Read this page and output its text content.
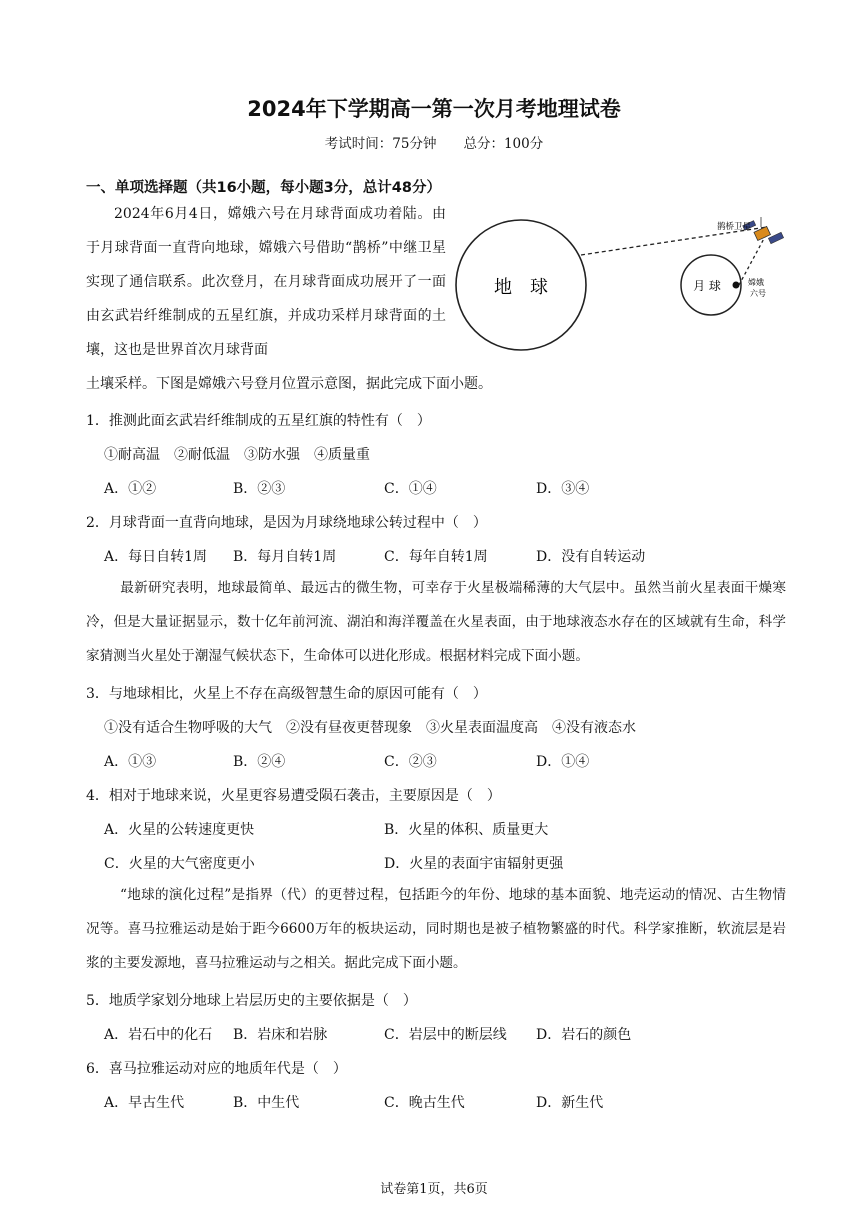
2024年下学期高一第一次月考地理试卷
考试时间：75分钟　　总分：100分
一、单项选择题（共16小题，每小题3分，总计48分）
2024年6月4日，嫦娥六号在月球背面成功着陆。由于月球背面一直背向地球，嫦娥六号借助“鹊桥”中继卫星实现了通信联系。此次登月，在月球背面成功展开了一面由玄武岩纤维制成的五星红旗，并成功采样月球背面的土壤，这也是世界首次月球背面
土壤采样。下图是嫦娥六号登月位置示意图，据此完成下面小题。
地　球	月 球
鹊桥卫星
嫦娥
六号
1．推测此面玄武岩纤维制成的五星红旗的特性有（　）
①耐高温　②耐低温　③防水强　④质量重
A．①②	B．②③	C．①④	D．③④
2．月球背面一直背向地球，是因为月球绕地球公转过程中（　）
A．每日自转1周 B．每月自转1周	C．每年自转1周	D．没有自转运动
最新研究表明，地球最简单、最远古的微生物，可幸存于火星极端稀薄的大气层中。虽然当前火星表面干燥寒冷，但是大量证据显示，数十亿年前河流、湖泊和海洋覆盖在火星表面，由于地球液态水存在的区域就有生命，科学家猜测当火星处于潮湿气候状态下，生命体可以进化形成。根据材料完成下面小题。
3．与地球相比，火星上不存在高级智慧生命的原因可能有（　）
①没有适合生物呼吸的大气　②没有昼夜更替现象　③火星表面温度高　④没有液态水
A．①③	B．②④	C．②③	D．①④
4．相对于地球来说，火星更容易遭受陨石袭击，主要原因是（　）
A．火星的公转速度更快	B．火星的体积、质量更大
C．火星的大气密度更小	D．火星的表面宇宙辐射更强
“地球的演化过程”是指界（代）的更替过程，包括距今的年份、地球的基本面貌、地壳运动的情况、古生物情况等。喜马拉雅运动是始于距今6600万年的板块运动，同时期也是被子植物繁盛的时代。科学家推断，软流层是岩浆的主要发源地，喜马拉雅运动与之相关。据此完成下面小题。
5．地质学家划分地球上岩层历史的主要依据是（　）
A．岩石中的化石 B．岩床和岩脉	C．岩层中的断层线 D．岩石的颜色
6．喜马拉雅运动对应的地质年代是（　）
A．早古生代	B．中生代	C．晚古生代	D．新生代
试卷第1页，共6页
